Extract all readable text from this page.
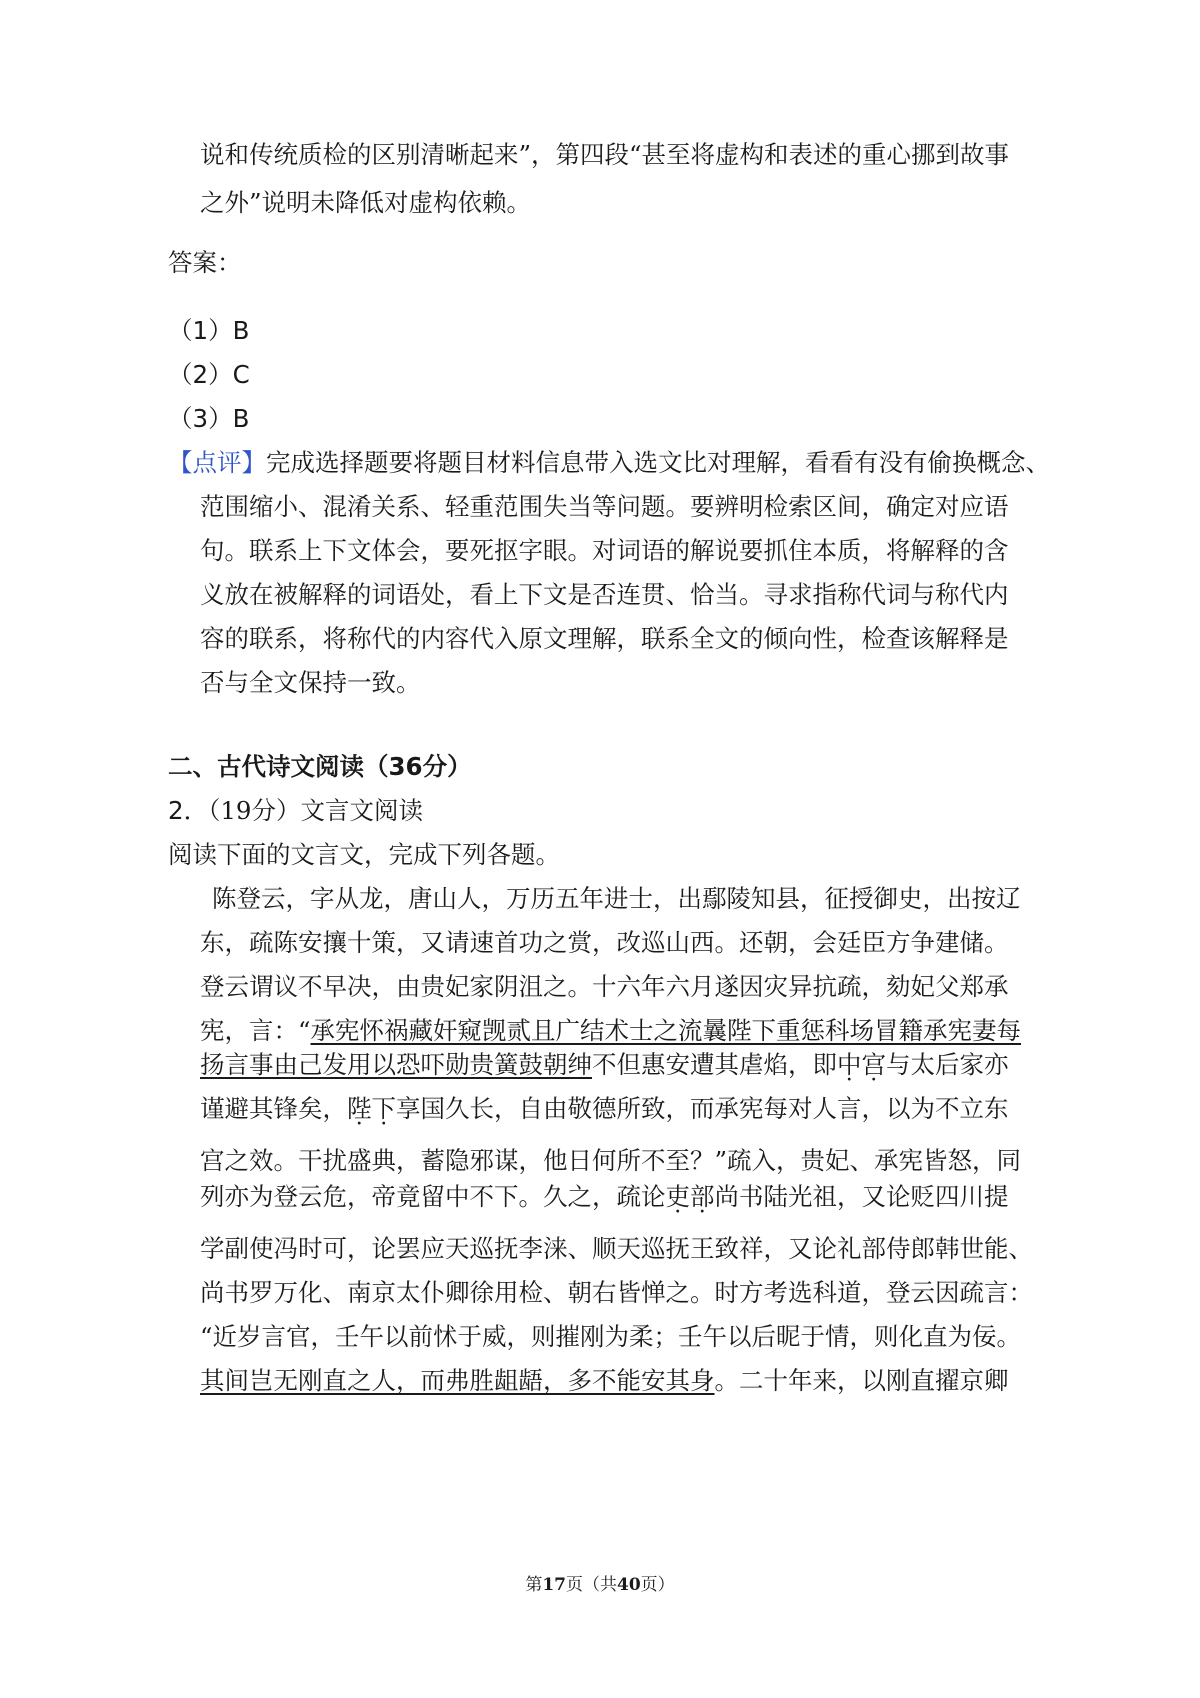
说和传统质检的区别清晰起来”，第四段“甚至将虚构和表述的重心挪到故事
之外”说明未降低对虚构依赖。
答案：
（1）B
（2）C
（3）B
【点评】完成选择题要将题目材料信息带入选文比对理解，看看有没有偷换概念、
范围缩小、混淆关系、轻重范围失当等问题。要辨明检索区间，确定对应语
句。联系上下文体会，要死抠字眼。对词语的解说要抓住本质，将解释的含
义放在被解释的词语处，看上下文是否连贯、恰当。寻求指称代词与称代内
容的联系，将称代的内容代入原文理解，联系全文的倾向性，检查该解释是
否与全文保持一致。
二、古代诗文阅读（36分）
2．（19分）文言文阅读
阅读下面的文言文，完成下列各题。
陈登云，字从龙，唐山人，万历五年进士，出鄢陵知县，征授御史，出按辽
东，疏陈安攘十策，又请速首功之赏，改巡山西。还朝，会廷臣方争建储。
登云谓议不早决，由贵妃家阴沮之。十六年六月遂因灾异抗疏，劾妃父郑承
宪，言：“承宪怀祸藏奸窥觊贰且广结术士之流曩陛下重惩科场冒籍承宪妻每
扬言事由己发用以恐吓勋贵簧鼓朝绅不但惠安遭其虐焰，即中宫与太后家亦
谨避其锋矣，陛下享国久长，自由敬德所致，而承宪每对人言，以为不立东
宫之效。干扰盛典，蓄隐邪谋，他日何所不至？”疏入，贵妃、承宪皆怒，同
列亦为登云危，帝竟留中不下。久之，疏论吏部尚书陆光祖，又论贬四川提
学副使冯时可，论罢应天巡抚李涞、顺天巡抚王致祥，又论礼部侍郎韩世能、
尚书罗万化、南京太仆卿徐用检、朝右皆惮之。时方考选科道，登云因疏言：
“近岁言官，壬午以前怵于威，则摧刚为柔；壬午以后昵于情，则化直为佞。
其间岂无刚直之人，而弗胜龃龉，多不能安其身。二十年来，以刚直擢京卿
第17页（共40页）
